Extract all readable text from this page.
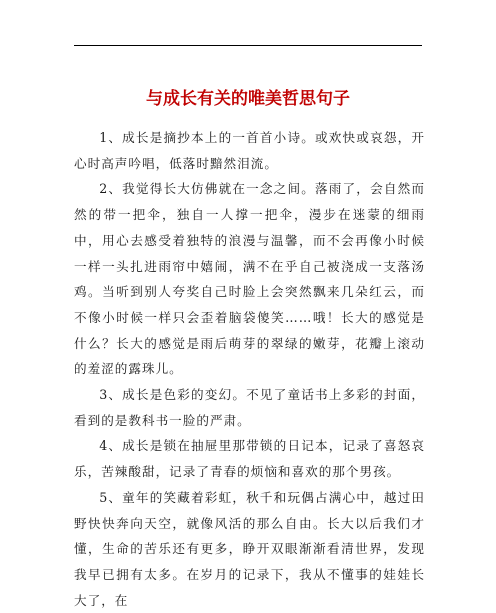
与成长有关的唯美哲思句子

1、成长是摘抄本上的一首首小诗。或欢快或哀怨，开心时高声吟唱，低落时黯然泪流。

2、我觉得长大仿佛就在一念之间。落雨了，会自然而然的带一把伞，独自一人撑一把伞，漫步在迷蒙的细雨中，用心去感受着独特的浪漫与温馨，而不会再像小时候一样一头扎进雨帘中嬉闹，满不在乎自己被浇成一支落汤鸡。当听到别人夸奖自己时脸上会突然飘来几朵红云，而不像小时候一样只会歪着脑袋傻笑……哦！长大的感觉是什么？长大的感觉是雨后萌芽的翠绿的嫩芽，花瓣上滚动的羞涩的露珠儿。

3、成长是色彩的变幻。不见了童话书上多彩的封面，看到的是教科书一脸的严肃。

4、成长是锁在抽屉里那带锁的日记本，记录了喜怒哀乐，苦辣酸甜，记录了青春的烦恼和喜欢的那个男孩。

5、童年的笑藏着彩虹，秋千和玩偶占满心中，越过田野快快奔向天空，就像风活的那么自由。长大以后我们才懂，生命的苦乐还有更多，睁开双眼渐渐看清世界，发现我早已拥有太多。在岁月的记录下，我从不懂事的娃娃长大了，在
